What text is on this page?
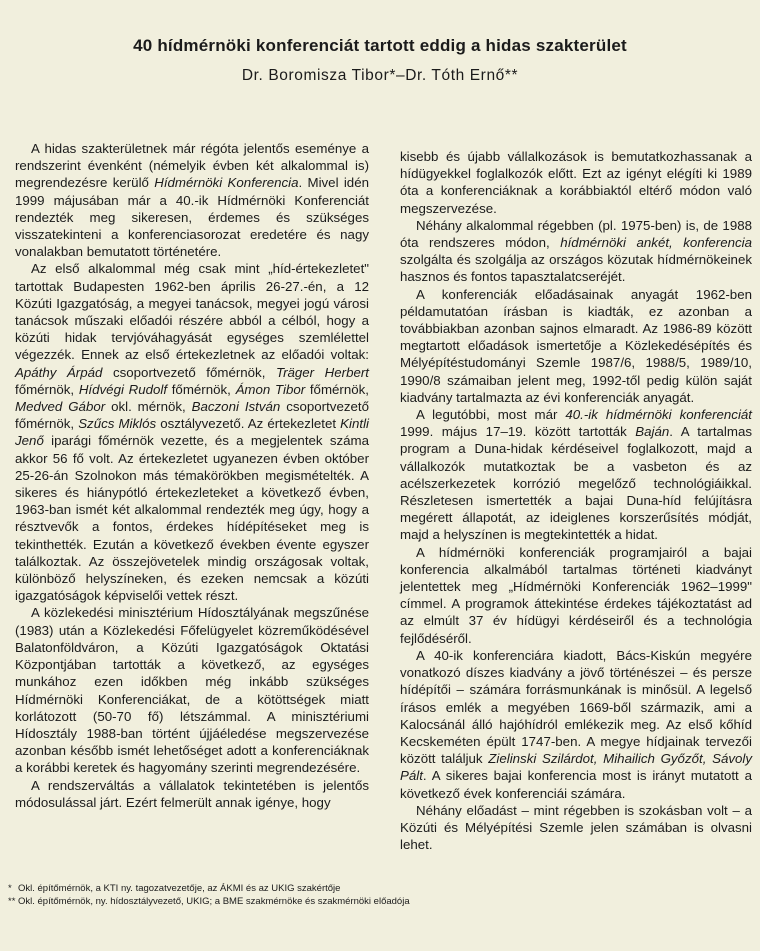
40 hídmérnöki konferenciát tartott eddig a hidas szakterület
Dr. Boromisza Tibor*–Dr. Tóth Ernő**

A hidas szakterületnek már régóta jelentős eseménye a rendszerint évenként (némelyik évben két alkalommal is) megrendezésre kerülő Hídmérnöki Konferencia. Mivel idén 1999 májusában már a 40.-ik Hídmérnöki Konferenciát rendezték meg sikeresen, érdemes és szükséges visszatekinteni a konferenciasorozat eredetére és nagy vonalakban bemutatott történetére.

Az első alkalommal még csak mint „híd-értekezletet" tartottak Budapesten 1962-ben április 26-27.-én, a 12 Közúti Igazgatóság, a megyei tanácsok, megyei jogú városi tanácsok műszaki előadói részére abból a célból, hogy a közúti hidak tervjóváhagyását egységes szemlélettel végezzék. Ennek az első értekezletnek az előadói voltak: Apáthy Árpád csoportvezető főmérnök, Träger Herbert főmérnök, Hídvégi Rudolf főmérnök, Ámon Tibor főmérnök, Medved Gábor okl. mérnök, Baczoni István csoportvezető főmérnök, Szűcs Miklós osztályvezető. Az értekezletet Kintli Jenő iparági főmérnök vezette, és a megjelentek száma akkor 56 fő volt. Az értekezletet ugyanezen évben október 25-26-án Szolnokon más témakörökben megismételték. A sikeres és hiánypótló értekezleteket a következő évben, 1963-ban ismét két alkalommal rendezték meg úgy, hogy a résztvevők a fontos, érdekes hídépítéseket meg is tekinthették. Ezután a következő években évente egyszer találkoztak. Az összejövetelek mindig országosak voltak, különböző helyszíneken, és ezeken nemcsak a közúti igazgatóságok képviselői vettek részt.

A közlekedési minisztérium Hídosztályának megszűnése (1983) után a Közlekedési Főfelügyelet közreműködésével Balatonföldváron, a Közúti Igazgatóságok Oktatási Központjában tartották a következő, az egységes munkához ezen időkben még inkább szükséges Hídmérnöki Konferenciákat, de a kötöttségek miatt korlátozott (50-70 fő) létszámmal. A minisztériumi Hídosztály 1988-ban történt újjáéledése megszervezése azonban később ismét lehetőséget adott a konferenciáknak a korábbi keretek és hagyomány szerinti megrendezésére.

A rendszerváltás a vállalatok tekintetében is jelentős módosulással járt. Ezért felmerült annak igénye, hogy

kisebb és újabb vállalkozások is bemutatkozhassanak a hídügyekkel foglalkozók előtt. Ezt az igényt elégíti ki 1989 óta a konferenciáknak a korábbiaktól eltérő módon való megszervezése.

Néhány alkalommal régebben (pl. 1975-ben) is, de 1988 óta rendszeres módon, hídmérnöki ankét, konferencia szolgálta és szolgálja az országos közutak hídmérnökeinek hasznos és fontos tapasztalatcseréjét.

A konferenciák előadásainak anyagát 1962-ben példamutatóan írásban is kiadták, ez azonban a továbbiakban azonban sajnos elmaradt. Az 1986-89 között megtartott előadások ismertetője a Közlekedésépítés és Mélyépítéstudományi Szemle 1987/6, 1988/5, 1989/10, 1990/8 számaiban jelent meg, 1992-től pedig külön saját kiadvány tartalmazta az évi konferenciák anyagát.

A legutóbbi, most már 40.-ik hídmérnöki konferenciát 1999. május 17–19. között tartották Baján. A tartalmas program a Duna-hidak kérdéseivel foglalkozott, majd a vállalkozók mutatkoztak be a vasbeton és az acélszerkezetek korrózió megelőző technológiáikkal. Részletesen ismertették a bajai Duna-híd felújításra megérett állapotát, az ideiglenes korszerűsítés módját, majd a helyszínen is megtekintették a hidat.

A hídmérnöki konferenciák programjairól a bajai konferencia alkalmából tartalmas történeti kiadványt jelentettek meg „Hídmérnöki Konferenciák 1962–1999" címmel. A programok áttekintése érdekes tájékoztatást ad az elmúlt 37 év hídügyi kérdéseiről és a technológia fejlődéséről.

A 40-ik konferenciára kiadott, Bács-Kiskún megyére vonatkozó díszes kiadvány a jövő történészei – és persze hídépítői – számára forrásmunkának is minősül. A legelső írásos emlék a megyében 1669-ből származik, ami a Kalocsánál álló hajóhídról emlékezik meg. Az első kőhíd Kecskeméten épült 1747-ben. A megye hídjainak tervezői között találjuk Zielinski Szilárdot, Mihailich Győzőt, Sávoly Pált. A sikeres bajai konferencia most is irányt mutatott a következő évek konferenciái számára.

Néhány előadást – mint régebben is szokásban volt – a Közúti és Mélyépítési Szemle jelen számában is olvasni lehet.

* Okl. építőmérnök, a KTI ny. tagozatvezetője, az ÁKMI és az UKIG szakértője
** Okl. építőmérnök, ny. hídosztályvezető, UKIG; a BME szakmérnöke és szakmérnöki előadója
